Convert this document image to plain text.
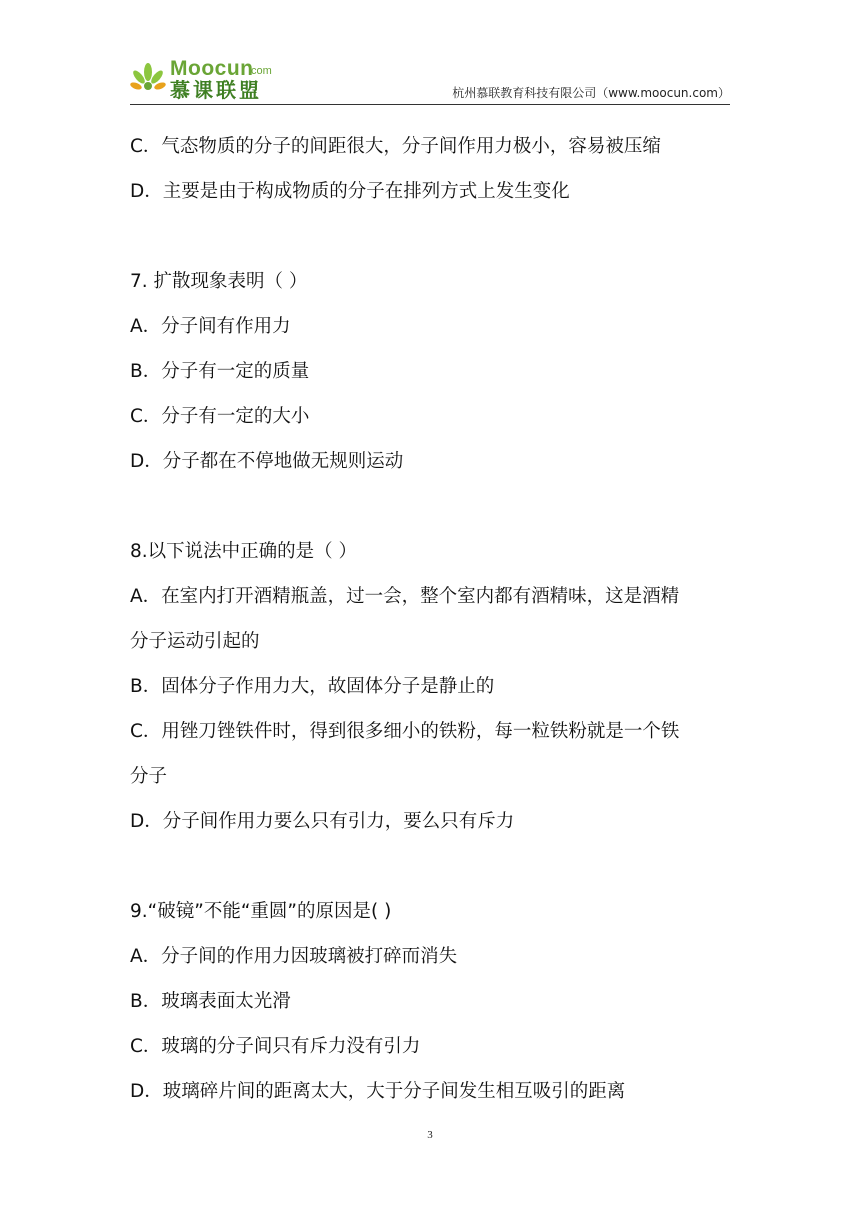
Moocun
.com
慕课联盟	杭州慕联教育科技有限公司（www.moocun.com）
C．气态物质的分子的间距很大，分子间作用力极小，容易被压缩
D．主要是由于构成物质的分子在排列方式上发生变化
7. 扩散现象表明（ ）
A．分子间有作用力
B．分子有一定的质量
C．分子有一定的大小
D．分子都在不停地做无规则运动
8.以下说法中正确的是（ ）
A．在室内打开酒精瓶盖，过一会，整个室内都有酒精味，这是酒精
分子运动引起的
B．固体分子作用力大，故固体分子是静止的
C．用锉刀锉铁件时，得到很多细小的铁粉，每一粒铁粉就是一个铁
分子
D．分子间作用力要么只有引力，要么只有斥力
9.“破镜”不能“重圆”的原因是( )
A．分子间的作用力因玻璃被打碎而消失
B．玻璃表面太光滑
C．玻璃的分子间只有斥力没有引力
D．玻璃碎片间的距离太大，大于分子间发生相互吸引的距离
3
